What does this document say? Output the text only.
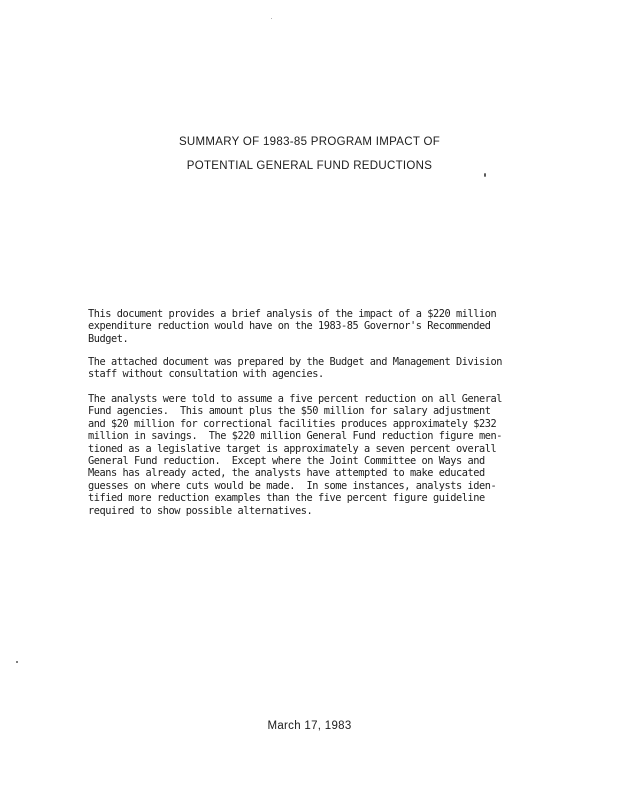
SUMMARY OF 1983-85 PROGRAM IMPACT OF
POTENTIAL GENERAL FUND REDUCTIONS
This document provides a brief analysis of the impact of a $220 million
expenditure reduction would have on the 1983-85 Governor's Recommended
Budget.
The attached document was prepared by the Budget and Management Division
staff without consultation with agencies.
The analysts were told to assume a five percent reduction on all General
Fund agencies.  This amount plus the $50 million for salary adjustment
and $20 million for correctional facilities produces approximately $232
million in savings.  The $220 million General Fund reduction figure men-
tioned as a legislative target is approximately a seven percent overall
General Fund reduction.  Except where the Joint Committee on Ways and
Means has already acted, the analysts have attempted to make educated
guesses on where cuts would be made.  In some instances, analysts iden-
tified more reduction examples than the five percent figure guideline
required to show possible alternatives.
March 17, 1983
